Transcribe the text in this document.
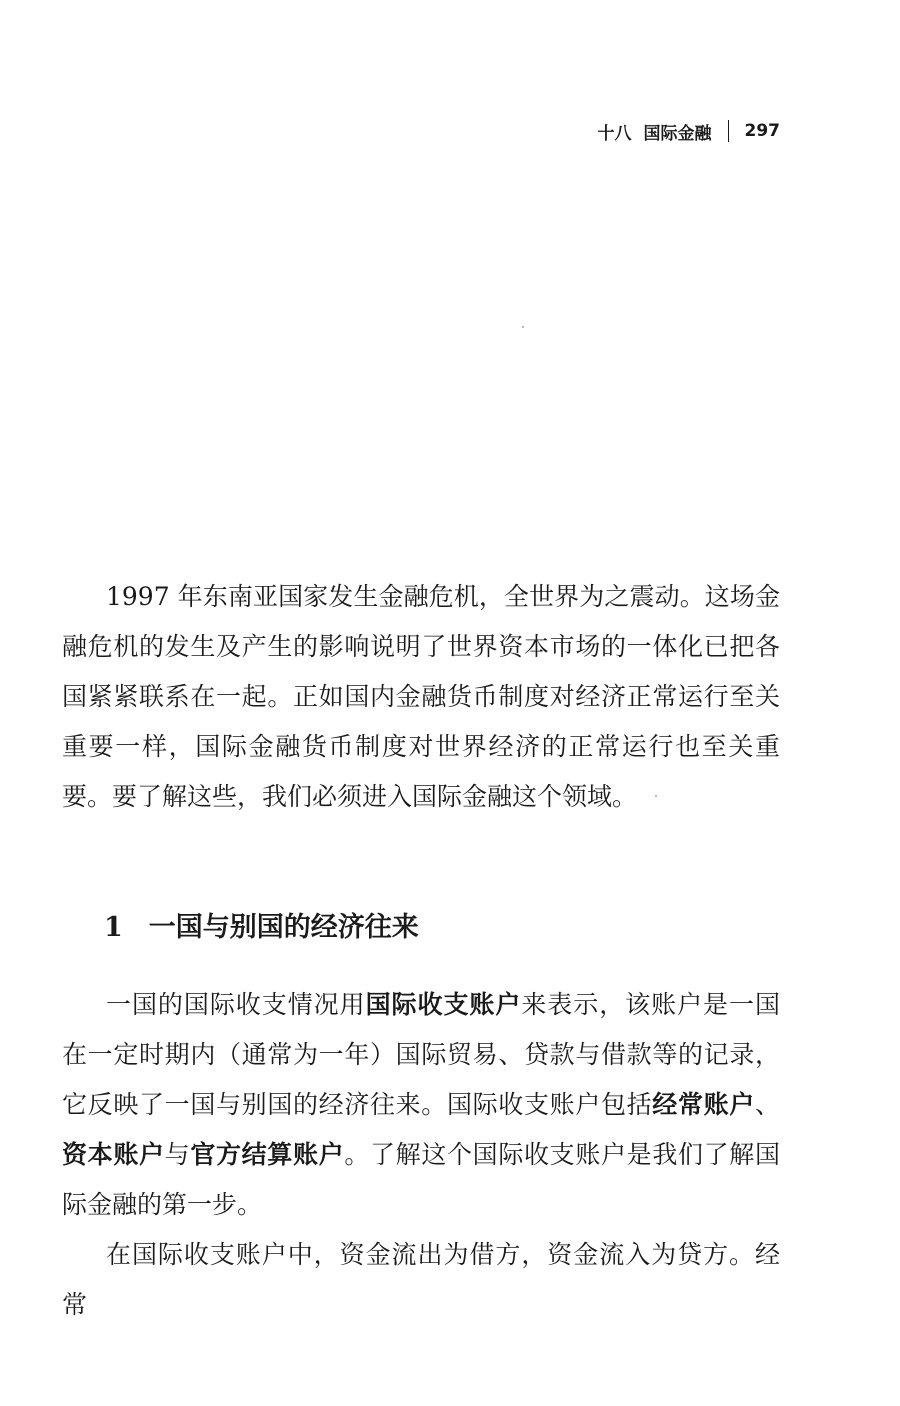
十八 国际金融 297

1997 年东南亚国家发生金融危机，全世界为之震动。这场金融危机的发生及产生的影响说明了世界资本市场的一体化已把各国紧紧联系在一起。正如国内金融货币制度对经济正常运行至关重要一样，国际金融货币制度对世界经济的正常运行也至关重要。要了解这些，我们必须进入国际金融这个领域。

1 一国与别国的经济往来

一国的国际收支情况用国际收支账户来表示，该账户是一国在一定时期内（通常为一年）国际贸易、贷款与借款等的记录，它反映了一国与别国的经济往来。国际收支账户包括经常账户、资本账户与官方结算账户。了解这个国际收支账户是我们了解国际金融的第一步。

在国际收支账户中，资金流出为借方，资金流入为贷方。经常
